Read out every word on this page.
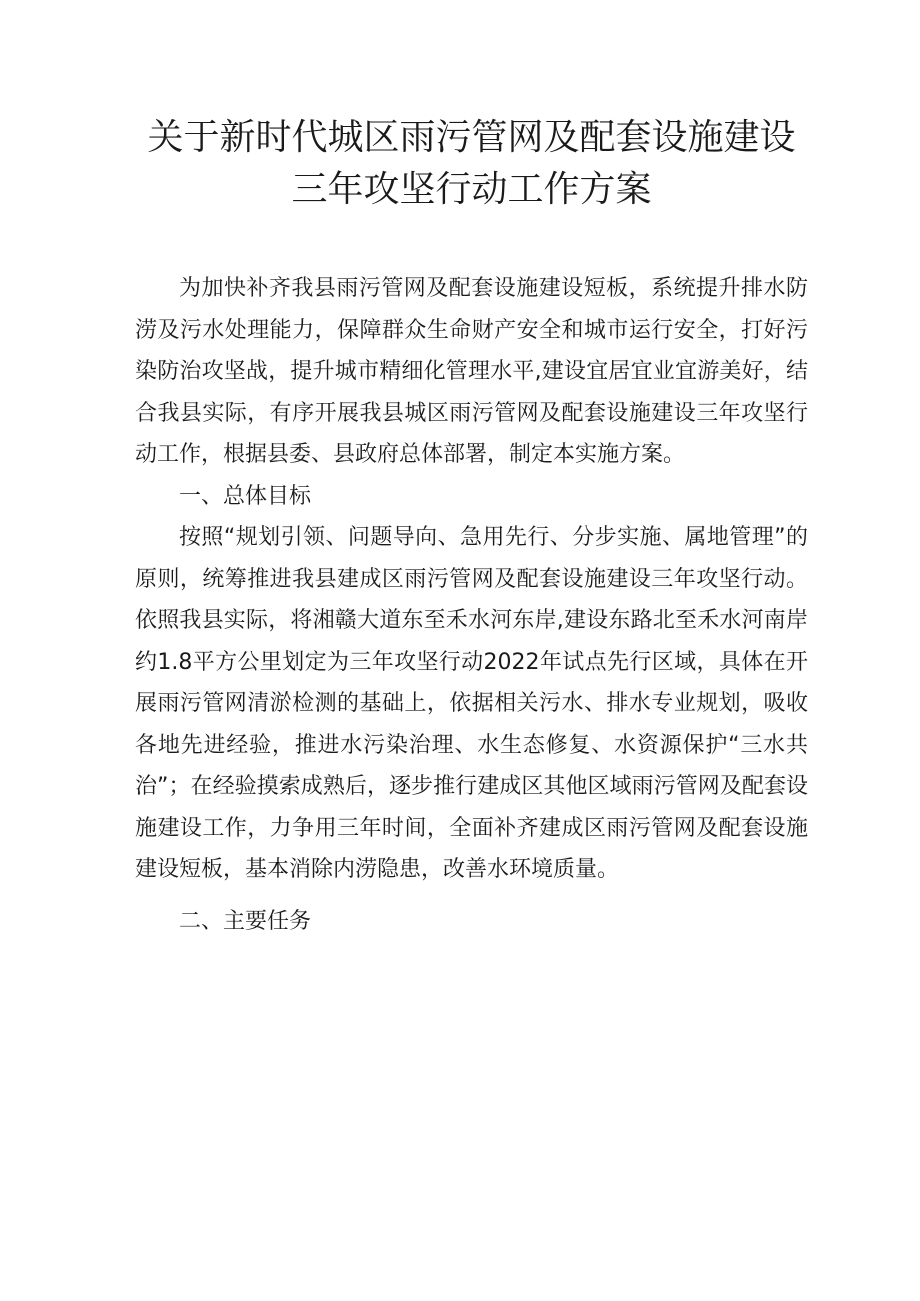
关于新时代城区雨污管网及配套设施建设
三年攻坚行动工作方案

为加快补齐我县雨污管网及配套设施建设短板，系统提升排水防涝及污水处理能力，保障群众生命财产安全和城市运行安全，打好污染防治攻坚战，提升城市精细化管理水平,建设宜居宜业宜游美好，结合我县实际，有序开展我县城区雨污管网及配套设施建设三年攻坚行动工作，根据县委、县政府总体部署，制定本实施方案。

一、总体目标

按照“规划引领、问题导向、急用先行、分步实施、属地管理”的原则，统筹推进我县建成区雨污管网及配套设施建设三年攻坚行动。依照我县实际，将湘赣大道东至禾水河东岸,建设东路北至禾水河南岸约1.8平方公里划定为三年攻坚行动2022年试点先行区域，具体在开展雨污管网清淤检测的基础上，依据相关污水、排水专业规划，吸收各地先进经验，推进水污染治理、水生态修复、水资源保护“三水共治”；在经验摸索成熟后，逐步推行建成区其他区域雨污管网及配套设施建设工作，力争用三年时间，全面补齐建成区雨污管网及配套设施建设短板，基本消除内涝隐患，改善水环境质量。

二、主要任务
